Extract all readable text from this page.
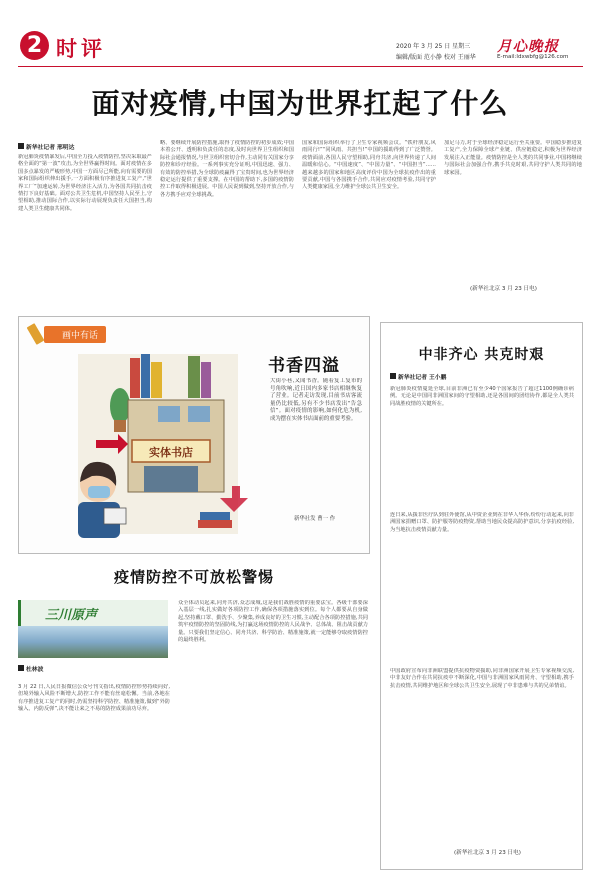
2 时评	2020 年 3 月 25 日 星期三
编辑/版面 范小静 校对 王丽华
月心晚报
E-mail:ldxwbfg@126.com
面对疫情,中国为世界扛起了什么
新华社记者 邢明达
新冠肺炎疫情暴发后,中国全力投入疫情防控,坚决采取最严格全面的“第一波”攻击,为全世界赢得时间。面对疫情在多国多点暴发的严峻形势,中国一方面尽己所能,向有需要的国家和国际组织伸出援手,一方面积极有序推进复工复产,“世界工厂”加速运转,为世界经济注入活力,为各国共同抗击疫情打下良好基础。面对公共卫生危机,中国坚持人民至上,守望相助,推动国际合作,以实际行动展现负责任大国担当,构建人类卫生健康共同体。
略、要继续开展防控措施,取得了疫情防控的初步成效;中国本着公开、透明和负责任的态度,及时向世界卫生组织和国际社会通报情况,与世卫组织密切合作,主动同有关国家分享防控和诊疗经验。一系列事实充分证明,中国迅速、强力、有效的防控举措,为全球防疫赢得了宝贵时间,也为世界经济稳定运行提供了重要支撑。在中国的帮助下,多国的疫情防控工作取得积极进展。中国人民说到做到,坚持开放合作,与各方携手应对全球挑战。
国家和国际组织举行了卫生专家视频会议。“铁杆朋友,风雨同行!”“同风雨、共担当!”中国的援助得到了广泛赞誉。疫情面前,各国人民守望相助,同舟共济,向世界传递了人间温暖和信心。“中国速度”、“中国力量”、“中国担当”……越来越多的国家和地区高度评价中国为全球抗疫作出的重要贡献,中国与各国携手合作,共同应对疫情考验,共同守护人类健康家园,全力维护全球公共卫生安全。
加足马力,对于全球经济稳定运行至关重要。中国稳步推进复工复产,全力保障全球产业链、供应链稳定,积极为世界经济发展注入正能量。疫情防控是全人类的共同事业,中国将继续与国际社会加强合作,携手共克时艰,共同守护人类共同的地球家园。
(新华社北京 3 月 23 日电)
画中有话
实体书店
书香四溢
大街小巷,又闻书香。随着复工复市的号角吹响,近日国内多家书店相继恢复了营业。记者走访发现,目前书店客流量仍比较低,另有不少书店发出“告急信”。面对疫情的影响,如何化危为机,成为摆在实体书店面前的重要考验。
新华社发 曹一 作
中非齐心 共克时艰
新华社记者 王小鹏
新冠肺炎疫情蔓延全球,目前非洲已有至少40个国家报告了超过1100例确诊病例。无论是中国同非洲国家间的守望相助,还是各国间的团结协作,都是全人类共同战胜疫情的关键所在。
连日来,从援非医疗队到驻外使馆,从中资企业到在非华人华侨,纷纷行动起来,向非洲国家捐赠口罩、防护服等防疫物资,帮助当地民众提高防护意识,分享抗疫经验,为当地抗击疫情贡献力量。
中国政府宣布向非洲联盟提供抗疫物资援助,同非洲国家开展卫生专家视频交流,中非友好合作在共同抗疫中不断深化,中国与非洲国家风雨同舟、守望相助,携手抗击疫情,共同维护地区和全球公共卫生安全,展现了中非患难与共的兄弟情谊。
(新华社北京 3 月 23 日电)
疫情防控不可放松警惕
三川原声
杜林波
3 月 22 日,人民日报微信公众号刊文指出,疫情防控形势持续向好,但境外输入风险不断增大,防控工作不能有丝毫松懈。当前,各地在有序推进复工复产的同时,仍需坚持科学防控、精准施策,做到“外防输入、内防反弹”,决不能让来之不易的防控成果前功尽弃。
众全体动员起来,同舟共济,众志成城,这是我们战胜疫情的重要法宝。各级干部要深入基层一线,扎实做好各项防控工作,确保各项措施落实到位。每个人都要从自身做起,坚持戴口罩、勤洗手、少聚集,养成良好的卫生习惯,主动配合各项防控措施,共同筑牢疫情防控的坚固防线,为打赢这场疫情防控的人民战争、总体战、阻击战贡献力量。只要我们坚定信心、同舟共济、科学防治、精准施策,就一定能够夺取疫情防控的最终胜利。
